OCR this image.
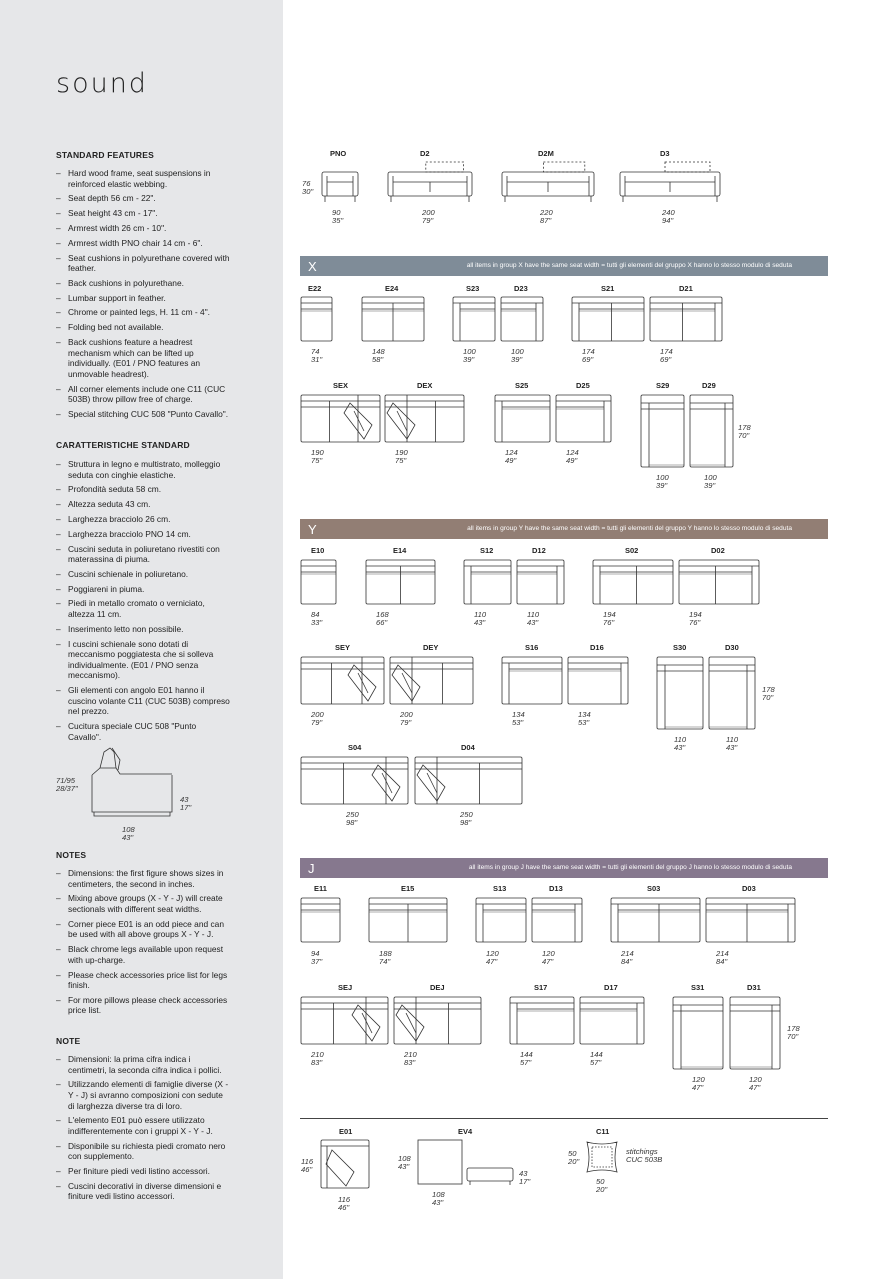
sound
STANDARD FEATURES
– Hard wood frame, seat suspensions in reinforced elastic webbing.
– Seat depth 56 cm - 22".
– Seat height 43 cm - 17".
– Armrest width 26 cm - 10".
– Armrest width PNO chair 14 cm - 6".
– Seat cushions in polyurethane covered with feather.
– Back cushions in polyurethane.
– Lumbar support in feather.
– Chrome or painted legs, H. 11 cm - 4".
– Folding bed not available.
– Back cushions feature a headrest mechanism which can be lifted up individually. (E01 / PNO features an unmovable headrest).
– All corner elements include one C11 (CUC 503B) throw pillow free of charge.
– Special stitching CUC 508 "Punto Cavallo".
CARATTERISTICHE STANDARD
– Struttura in legno e multistrato, molleggio seduta con cinghie elastiche.
– Profondità seduta 58 cm.
– Altezza seduta 43 cm.
– Larghezza bracciolo 26 cm.
– Larghezza bracciolo PNO 14 cm.
– Cuscini seduta in poliuretano rivestiti con materassina di piuma.
– Cuscini schienale in poliuretano.
– Poggiareni in piuma.
– Piedi in metallo cromato o verniciato, altezza 11 cm.
– Inserimento letto non possibile.
– I cuscini schienale sono dotati di meccanismo poggiatesta che si solleva individualmente. (E01 / PNO senza meccanismo).
– Gli elementi con angolo E01 hanno il cuscino volante C11 (CUC 503B) compreso nel prezzo.
– Cucitura speciale CUC 508 "Punto Cavallo".
71/95
28/37"
43
17"
108
43"
NOTES
– Dimensions: the first figure shows sizes in centimeters, the second in inches.
– Mixing above groups (X - Y - J) will create sectionals with different seat widths.
– Corner piece E01 is an odd piece and can be used with all above groups X - Y - J.
– Black chrome legs available upon request with up-charge.
– Please check accessories price list for legs finish.
– For more pillows please check accessories price list.
NOTE
– Dimensioni: la prima cifra indica i centimetri, la seconda cifra indica i pollici.
– Utilizzando elementi di famiglie diverse (X - Y - J) si avranno composizioni con sedute di larghezza diverse tra di loro.
– L'elemento E01 può essere utilizzato indifferentemente con i gruppi X - Y - J.
– Disponibile su richiesta piedi cromato nero con supplemento.
– Per finiture piedi vedi listino accessori.
– Cuscini decorativi in diverse dimensioni e finiture vedi listino accessori.
X	all items in group X have the same seat width = tutti gli elementi del gruppo X hanno lo stesso modulo di seduta
Y	all items in group Y have the same seat width = tutti gli elementi del gruppo Y hanno lo stesso modulo di seduta
J	all items in group J have the same seat width = tutti gli elementi del gruppo J hanno lo stesso modulo di seduta
PNO
90
35"
D2
200
79"
D2M
220
87"
D3
240
94"
76
30"
E22
74
31"
E24
148
58"
S23
100
39"
D23
100
39"
S21
174
69"
D21
174
69"
SEX
190
75"
DEX
190
75"
S25
124
49"
D25
124
49"
S29
100
39"
D29
100
39"
178
70"
E10
84
33"
E14
168
66"
S12
110
43"
D12
110
43"
S02
194
76"
D02
194
76"
SEY
200
79"
DEY
200
79"
S16
134
53"
D16
134
53"
S30
110
43"
D30
110
43"
178
70"
S04
250
98"
D04
250
98"
E11
94
37"
E15
188
74"
S13
120
47"
D13
120
47"
S03
214
84"
D03
214
84"
SEJ
210
83"
DEJ
210
83"
S17
144
57"
D17
144
57"
S31
120
47"
D31
120
47"
178
70"
E01
116
46"
116
46"
EV4
108
43"
108
43"
43
17"
C11
50
20"
50
20"
stitchings
CUC 503B
